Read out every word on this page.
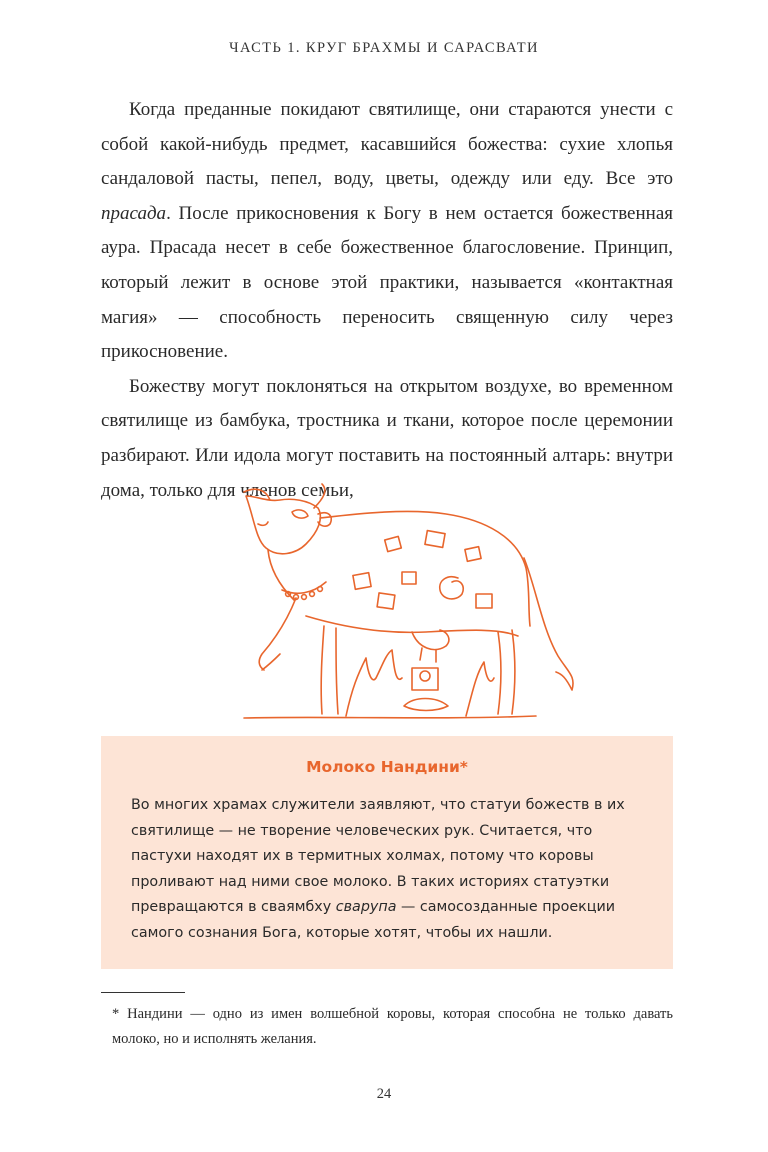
ЧАСТЬ 1. КРУГ БРАХМЫ И САРАСВАТИ

Когда преданные покидают святилище, они стараются унести с собой какой-нибудь предмет, касавшийся божества: сухие хлопья сандаловой пасты, пепел, воду, цветы, одежду или еду. Все это прасада. После прикосновения к Богу в нем остается божественная аура. Прасада несет в себе божественное благословение. Принцип, который лежит в основе этой практики, называется «контактная магия» — способность переносить священную силу через прикосновение.

Божеству могут поклоняться на открытом воздухе, во временном святилище из бамбука, тростника и ткани, которое после церемонии разбирают. Или идола могут поставить на постоянный алтарь: внутри дома, только для членов семьи,

Молоко Нандини*
Во многих храмах служители заявляют, что статуи божеств в их святилище — не творение человеческих рук. Считается, что пастухи находят их в термитных холмах, потому что коровы проливают над ними свое молоко. В таких историях статуэтки превращаются в сваямбху сварупа — самосозданные проекции самого сознания Бога, которые хотят, чтобы их нашли.

* Нандини — одно из имен волшебной коровы, которая способна не только давать молоко, но и исполнять желания.

24
